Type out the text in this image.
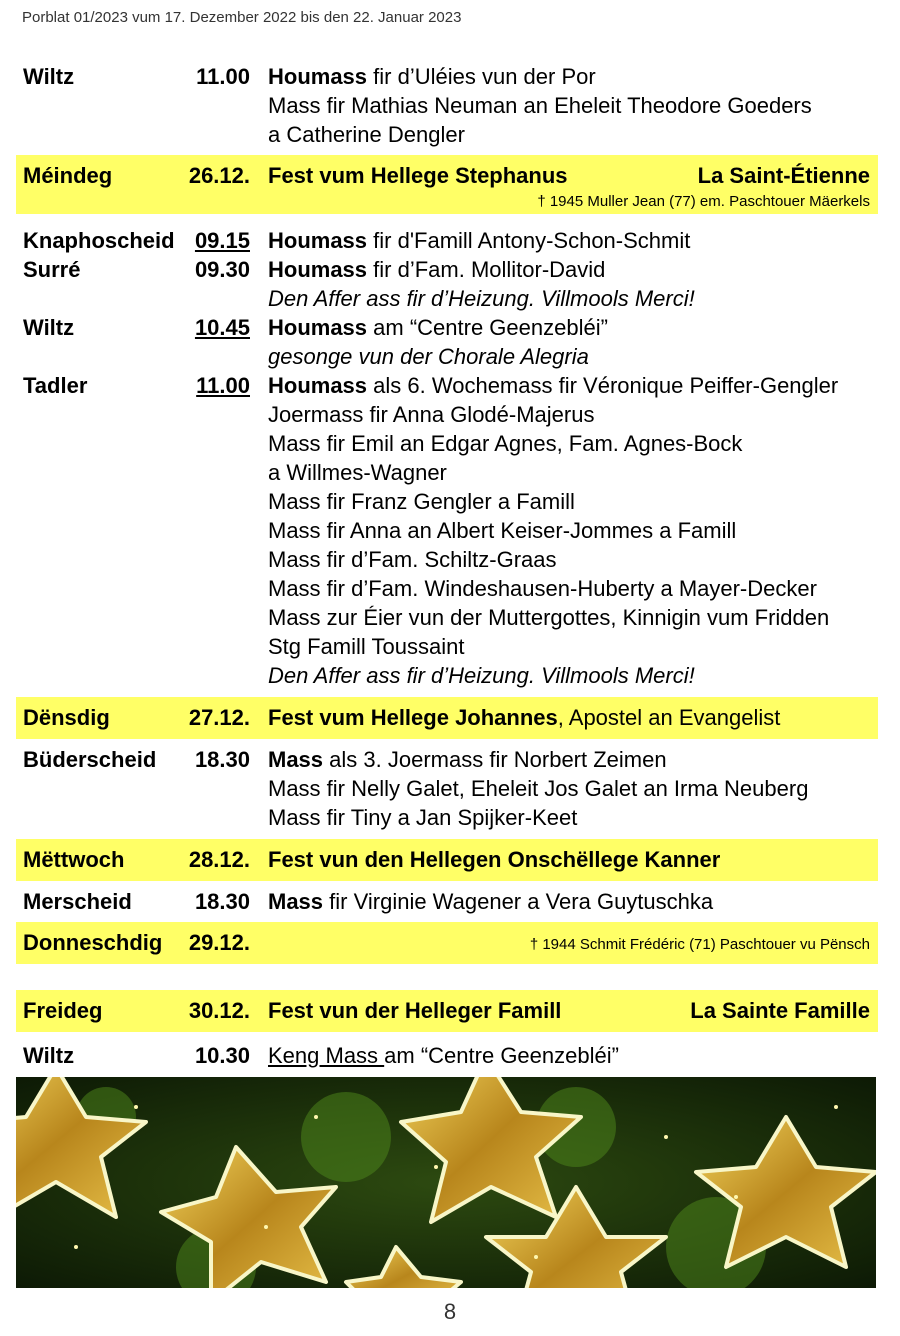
Porblat 01/2023 vum 17. Dezember 2022 bis den 22. Januar 2023
Wiltz	11.00 Houmass fir d’Uléies vun der Por
Mass fir Mathias Neuman an Eheleit Theodore Goeders
a Catherine Dengler
Méindeg	26.12. Fest vum Hellege Stephanus	La Saint-Étienne
† 1945 Muller Jean (77) em. Paschtouer Mäerkels
Knaphoscheid 09.15 Houmass fir d'Famill Antony-Schon-Schmit
Surré	09.30 Houmass fir d’Fam. Mollitor-David
Den Affer ass fir d’Heizung. Villmools Merci!
Wiltz	10.45 Houmass am “Centre Geenzebléi”
gesonge vun der Chorale Alegria
Tadler	11.00 Houmass als 6. Wochemass fir Véronique Peiffer-Gengler
Joermass fir Anna Glodé-Majerus
Mass fir Emil an Edgar Agnes, Fam. Agnes-Bock
a Willmes-Wagner
Mass fir Franz Gengler a Famill
Mass fir Anna an Albert Keiser-Jommes a Famill
Mass fir d’Fam. Schiltz-Graas
Mass fir d’Fam. Windeshausen-Huberty a Mayer-Decker
Mass zur Éier vun der Muttergottes, Kinnigin vum Fridden
Stg Famill Toussaint
Den Affer ass fir d’Heizung. Villmools Merci!
Dënsdig	27.12. Fest vum Hellege Johannes, Apostel an Evangelist
Büderscheid 18.30 Mass als 3. Joermass fir Norbert Zeimen
Mass fir Nelly Galet, Eheleit Jos Galet an Irma Neuberg
Mass fir Tiny a Jan Spijker-Keet
Mëttwoch	28.12. Fest vun den Hellegen Onschëllege Kanner
Merscheid	18.30 Mass fir Virginie Wagener a Vera Guytuschka
Donneschdig 29.12.	† 1944 Schmit Frédéric (71) Paschtouer vu Pënsch
Freideg	30.12. Fest vun der Helleger Famill	La Sainte Famille
Wiltz	10.30 Keng Mass am “Centre Geenzebléi”
8
